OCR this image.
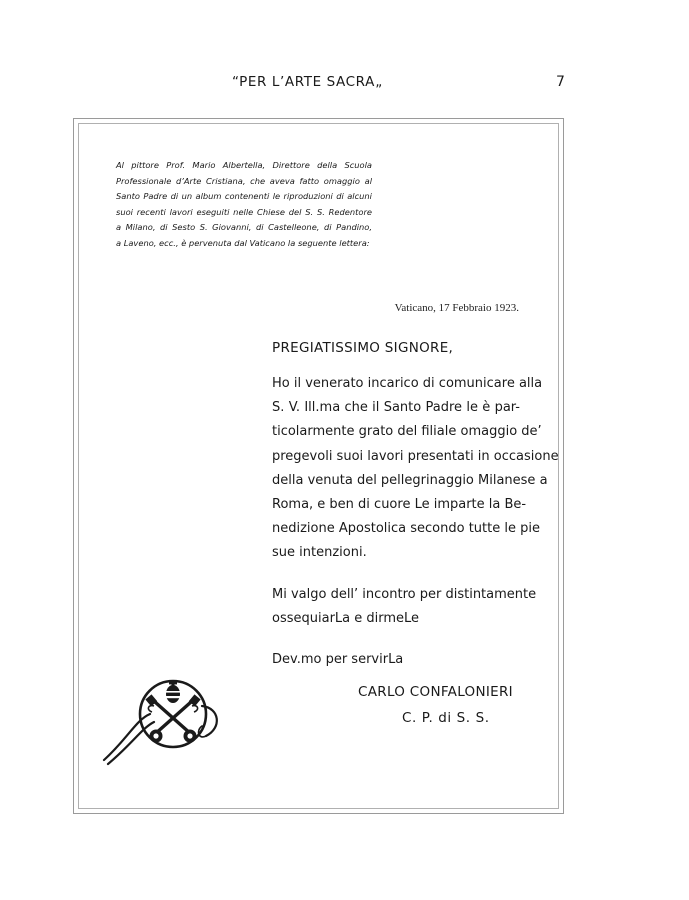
“PER L’ARTE SACRA„	7
Al pittore Prof. Mario Albertella, Direttore della Scuola
Professionale d’Arte Cristiana, che aveva fatto omaggio al
Santo Padre di un album contenenti le riproduzioni di alcuni
suoi recenti lavori eseguiti nelle Chiese del S. S. Redentore
a Milano, di Sesto S. Giovanni, di Castelleone, di Pandino,
a Laveno, ecc., è pervenuta dal Vaticano la seguente lettera:
Vaticano, 17 Febbraio 1923.
PREGIATISSIMO SIGNORE,
Ho il venerato incarico di comunicare alla
S. V. Ill.ma che il Santo Padre le è par-
ticolarmente grato del filiale omaggio de’
pregevoli suoi lavori presentati in occasione
della venuta del pellegrinaggio Milanese a
Roma, e ben di cuore Le imparte la Be-
nedizione Apostolica secondo tutte le pie
sue intenzioni.
Mi valgo dell’ incontro per distintamente
ossequiarLa e dirmeLe
Dev.mo per servirLa
CARLO CONFALONIERI
C. P. di S. S.
